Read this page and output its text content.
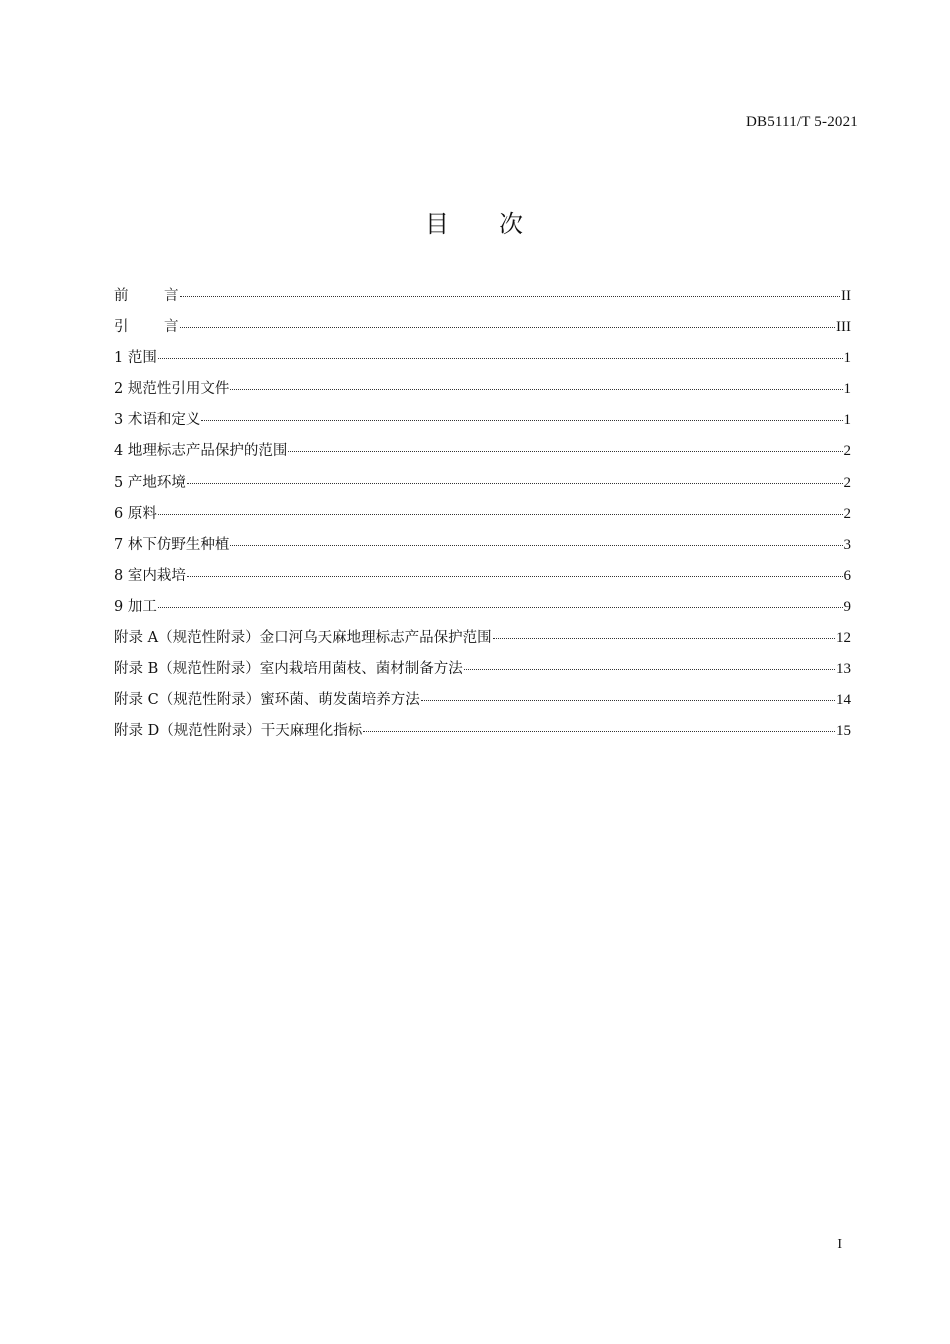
DB5111/T 5-2021
目 次
前 言	II
引 言	III
1 范围	1
2 规范性引用文件	1
3 术语和定义	1
4 地理标志产品保护的范围	2
5 产地环境	2
6 原料	2
7 林下仿野生种植	3
8 室内栽培	6
9 加工	9
附录 A（规范性附录）金口河乌天麻地理标志产品保护范围	12
附录 B（规范性附录）室内栽培用菌枝、菌材制备方法	13
附录 C（规范性附录）蜜环菌、萌发菌培养方法	14
附录 D（规范性附录）干天麻理化指标	15
I
